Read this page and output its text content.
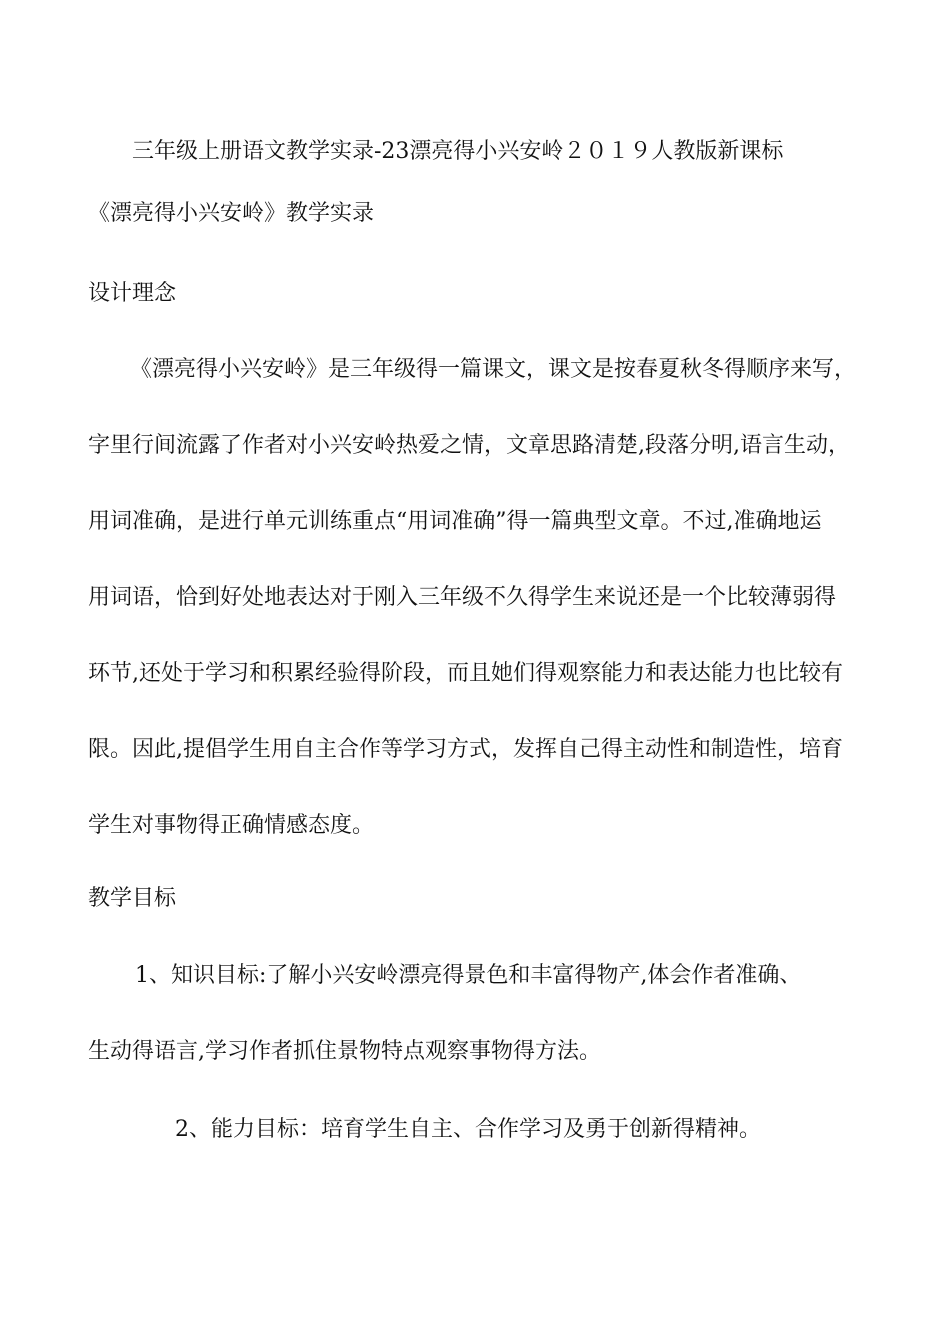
三年级上册语文教学实录-23漂亮得小兴安岭２０１９人教版新课标
《漂亮得小兴安岭》教学实录
设计理念
《漂亮得小兴安岭》是三年级得一篇课文，课文是按春夏秋冬得顺序来写，
字里行间流露了作者对小兴安岭热爱之情，文章思路清楚,段落分明,语言生动，
用词准确，是进行单元训练重点“用词准确”得一篇典型文章。不过,准确地运
用词语，恰到好处地表达对于刚入三年级不久得学生来说还是一个比较薄弱得
环节,还处于学习和积累经验得阶段，而且她们得观察能力和表达能力也比较有
限。因此,提倡学生用自主合作等学习方式，发挥自己得主动性和制造性，培育
学生对事物得正确情感态度。
教学目标
1、知识目标:了解小兴安岭漂亮得景色和丰富得物产,体会作者准确、
生动得语言,学习作者抓住景物特点观察事物得方法。
2、能力目标：培育学生自主、合作学习及勇于创新得精神。
